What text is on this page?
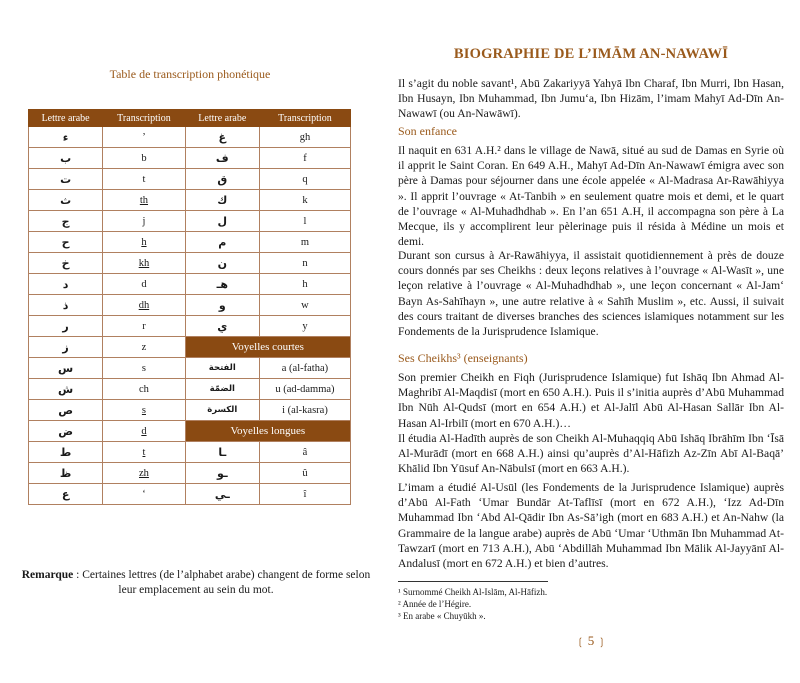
Table de transcription phonétique
Lettre arabe	Transcription	Lettre arabe	Transcription
ء	’	غ	gh
ب	b	ف	f
ت	t	ق	q
ث	th	ك	k
ج	j	ل	l
ح	h	م	m
خ	kh	ن	n
د	d	هـ	h
ذ	dh	و	w
ر	r	ي	y
ز	z	Voyelles courtes	
س	s	الفتحة	a (al-fatha)
ش	ch	الضمّة	u (ad-damma)
ص	s	الكسرة	i (al-kasra)
ض	d	Voyelles longues	
ط	t	ـا	â
ظ	zh	ـو	û
ع	‘	ـي	î
Remarque : Certaines lettres (de l’alphabet arabe) changent de forme selon leur emplacement au sein du mot.
BIOGRAPHIE DE L’IMĀM AN-NAWAWĪ
Il s’agit du noble savant¹, Abū Zakariyyā Yahyā Ibn Charaf, Ibn Murri, Ibn Hasan, Ibn Husayn, Ibn Muhammad, Ibn Jumu‘a, Ibn Hizām, l’imam Mahyī Ad-Dīn An-Nawawī (ou An-Nawāwī).
Son enfance
Il naquit en 631 A.H.² dans le village de Nawā, situé au sud de Damas en Syrie où il apprit le Saint Coran. En 649 A.H., Mahyī Ad-Dīn An-Nawawī émigra avec son père à Damas pour séjourner dans une école appelée « Al-Madrasa Ar-Rawāhiyya ». Il apprit l’ouvrage « At-Tanbih » en seulement quatre mois et demi, et le quart de l’ouvrage « Al-Muhadhdhab ». En l’an 651 A.H, il accompagna son père à La Mecque, ils y accomplirent leur pèlerinage puis il résida à Médine un mois et demi.
Durant son cursus à Ar-Rawāhiyya, il assistait quotidiennement à près de douze cours donnés par ses Cheikhs : deux leçons relatives à l’ouvrage « Al-Wasīt », une leçon relative à l’ouvrage « Al-Muhadhdhab », une leçon concernant « Al-Jam‘ Bayn As-Sahīhayn », une autre relative à « Sahīh Muslim », etc. Aussi, il suivait des cours traitant de diverses branches des sciences islamiques notamment sur les Fondements de la Jurisprudence Islamique.
Ses Cheikhs³ (enseignants)
Son premier Cheikh en Fiqh (Jurisprudence Islamique) fut Ishāq Ibn Ahmad Al-Maghribī Al-Maqdisī (mort en 650 A.H.). Puis il s’initia auprès d’Abū Muhammad Ibn Nūh Al-Qudsī (mort en 654 A.H.) et Al-Jalīl Abū Al-Hasan Sallār Ibn Al-Hasan Al-Irbilī (mort en 670 A.H.)…
Il étudia Al-Hadīth auprès de son Cheikh Al-Muhaqqiq Abū Ishāq Ibrāhīm Ibn ‘Īsā Al-Murādī (mort en 668 A.H.) ainsi qu’auprès d’Al-Hāfizh Az-Zīn Abī Al-Baqā’ Khālid Ibn Yūsuf An-Nābulsī (mort en 663 A.H.).
L’imam a étudié Al-Usūl (les Fondements de la Jurisprudence Islamique) auprès d’Abū Al-Fath ‘Umar Bundār At-Taflīsī (mort en 672 A.H.), ‘Izz Ad-Dīn Muhammad Ibn ‘Abd Al-Qādir Ibn As-Sā’igh (mort en 683 A.H.) et An-Nahw (la Grammaire de la langue arabe) auprès de Abū ‘Umar ‘Uthmān Ibn Muhammad At-Tawzarī (mort en 713 A.H.), Abū ‘Abdillāh Muhammad Ibn Mālik Al-Jayyānī Al-Andalusī (mort en 672 A.H.) et bien d’autres.
¹ Surnommé Cheikh Al-Islām, Al-Hāfizh.
² Année de l’Hégire.
³ En arabe « Chuyūkh ».
❲ 5 ❳
